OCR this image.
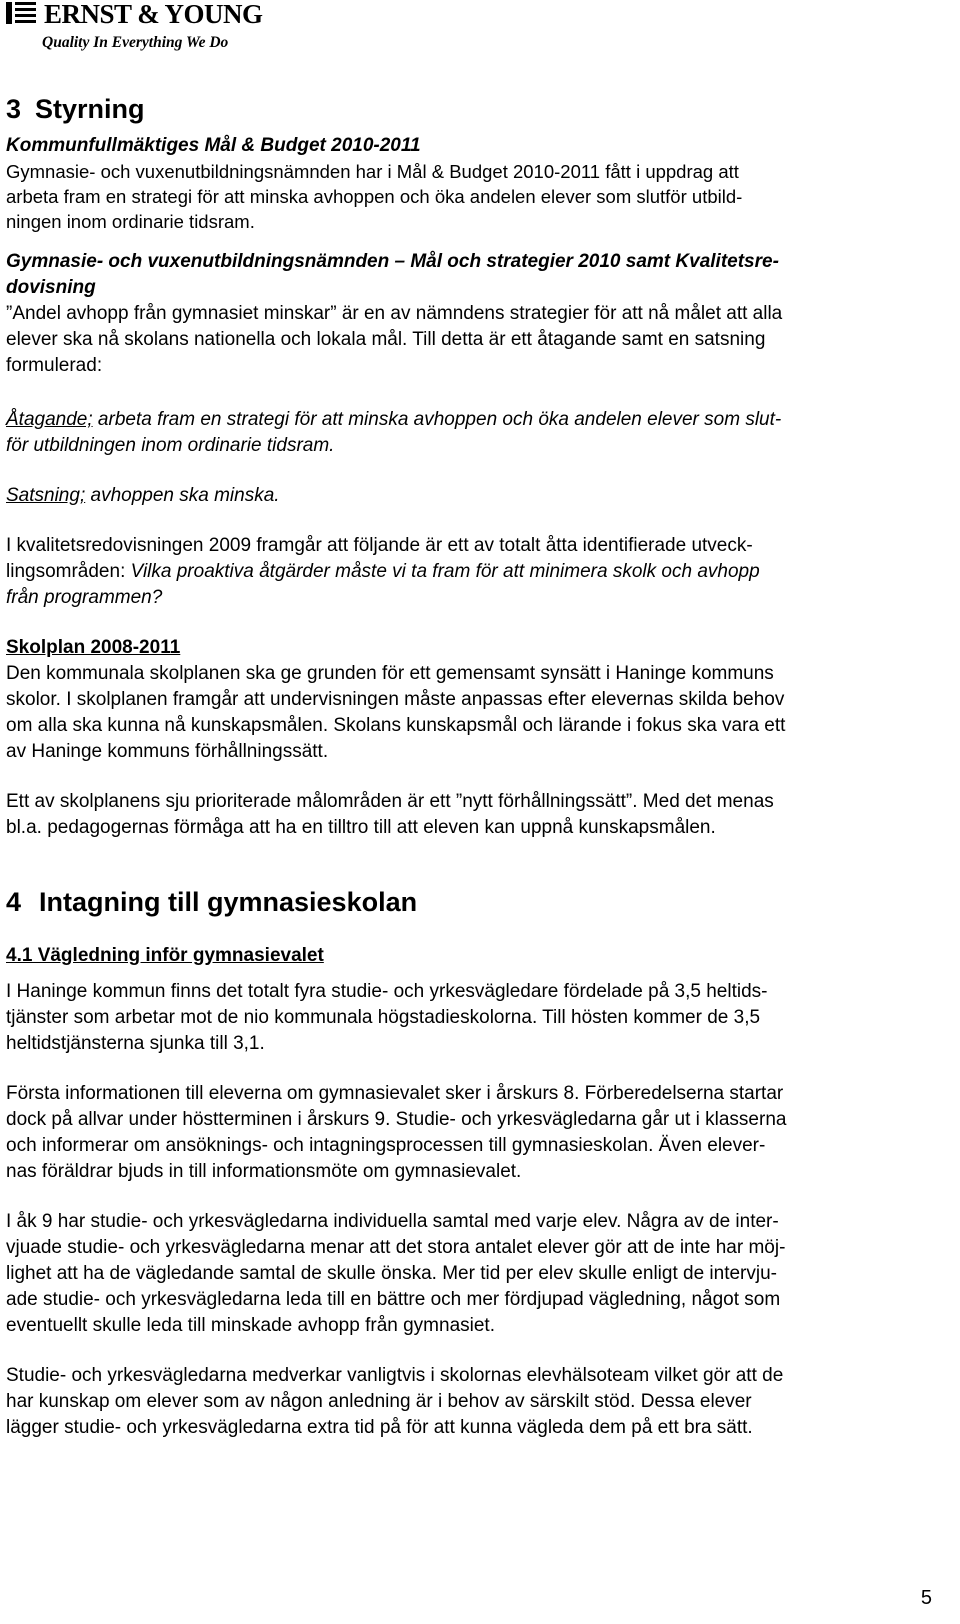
ERNST & YOUNG
Quality In Everything We Do
3 Styrning

Kommunfullmäktiges Mål & Budget 2010-2011

Gymnasie- och vuxenutbildningsnämnden har i Mål & Budget 2010-2011 fått i uppdrag att

arbeta fram en strategi för att minska avhoppen och öka andelen elever som slutför utbild-

ningen inom ordinarie tidsram.

Gymnasie- och vuxenutbildningsnämnden – Mål och strategier 2010 samt Kvalitetsre-

dovisning

”Andel avhopp från gymnasiet minskar” är en av nämndens strategier för att nå målet att alla

elever ska nå skolans nationella och lokala mål. Till detta är ett åtagande samt en satsning

formulerad:

Åtagande; arbeta fram en strategi för att minska avhoppen och öka andelen elever som slut-

för utbildningen inom ordinarie tidsram.

Satsning; avhoppen ska minska.

I kvalitetsredovisningen 2009 framgår att följande är ett av totalt åtta identifierade utveck-

lingsområden: Vilka proaktiva åtgärder måste vi ta fram för att minimera skolk och avhopp

från programmen?

Skolplan 2008-2011

Den kommunala skolplanen ska ge grunden för ett gemensamt synsätt i Haninge kommuns

skolor. I skolplanen framgår att undervisningen måste anpassas efter elevernas skilda behov

om alla ska kunna nå kunskapsmålen. Skolans kunskapsmål och lärande i fokus ska vara ett

av Haninge kommuns förhållningssätt.

Ett av skolplanens sju prioriterade målområden är ett ”nytt förhållningssätt”. Med det menas

bl.a. pedagogernas förmåga att ha en tilltro till att eleven kan uppnå kunskapsmålen.

4 Intagning till gymnasieskolan

4.1 Vägledning inför gymnasievalet

I Haninge kommun finns det totalt fyra studie- och yrkesvägledare fördelade på 3,5 heltids-

tjänster som arbetar mot de nio kommunala högstadieskolorna. Till hösten kommer de 3,5

heltidstjänsterna sjunka till 3,1.

Första informationen till eleverna om gymnasievalet sker i årskurs 8. Förberedelserna startar

dock på allvar under höstterminen i årskurs 9. Studie- och yrkesvägledarna går ut i klasserna

och informerar om ansöknings- och intagningsprocessen till gymnasieskolan. Även elever-

nas föräldrar bjuds in till informationsmöte om gymnasievalet.

I åk 9 har studie- och yrkesvägledarna individuella samtal med varje elev. Några av de inter-

vjuade studie- och yrkesvägledarna menar att det stora antalet elever gör att de inte har möj-

lighet att ha de vägledande samtal de skulle önska. Mer tid per elev skulle enligt de intervju-

ade studie- och yrkesvägledarna leda till en bättre och mer fördjupad vägledning, något som

eventuellt skulle leda till minskade avhopp från gymnasiet.

Studie- och yrkesvägledarna medverkar vanligtvis i skolornas elevhälsoteam vilket gör att de

har kunskap om elever som av någon anledning är i behov av särskilt stöd. Dessa elever

lägger studie- och yrkesvägledarna extra tid på för att kunna vägleda dem på ett bra sätt.

5
